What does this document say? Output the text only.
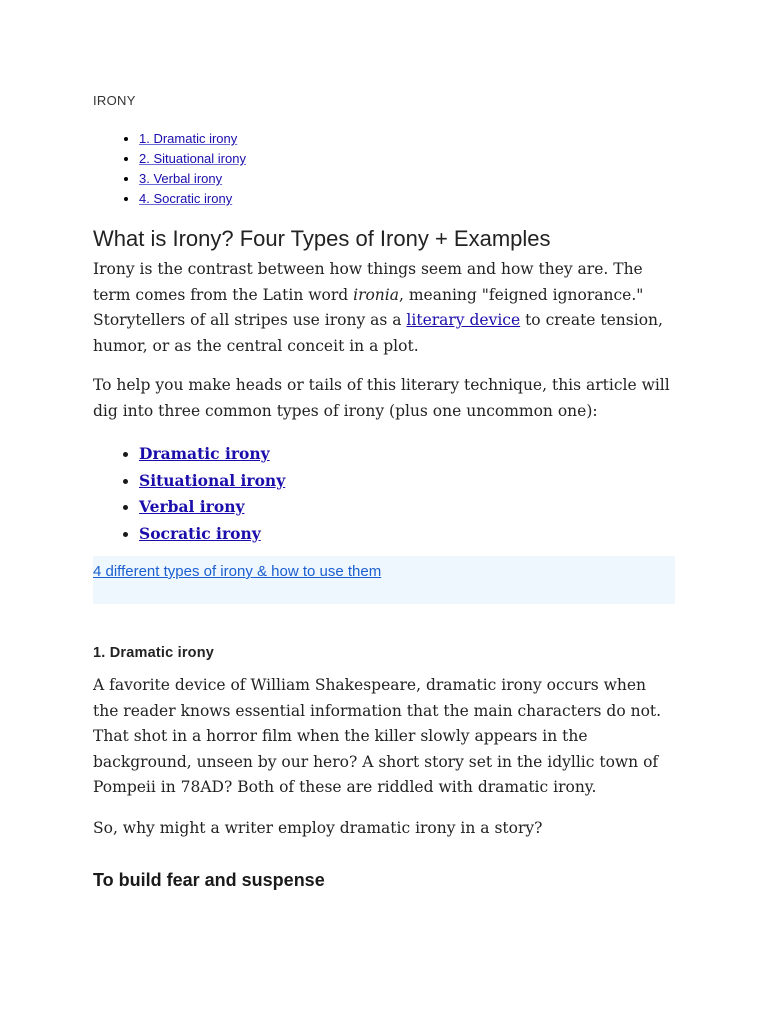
IRONY
• 1. Dramatic irony
• 2. Situational irony
• 3. Verbal irony
• 4. Socratic irony
What is Irony? Four Types of Irony + Examples

Irony is the contrast between how things seem and how they are. The term comes from the Latin word ironia, meaning "feigned ignorance." Storytellers of all stripes use irony as a literary device to create tension, humor, or as the central conceit in a plot.

To help you make heads or tails of this literary technique, this article will dig into three common types of irony (plus one uncommon one):

• Dramatic irony
• Situational irony
• Verbal irony
• Socratic irony
4 different types of irony & how to use them
1. Dramatic irony

A favorite device of William Shakespeare, dramatic irony occurs when the reader knows essential information that the main characters do not. That shot in a horror film when the killer slowly appears in the background, unseen by our hero? A short story set in the idyllic town of Pompeii in 78AD? Both of these are riddled with dramatic irony.

So, why might a writer employ dramatic irony in a story?

To build fear and suspense
